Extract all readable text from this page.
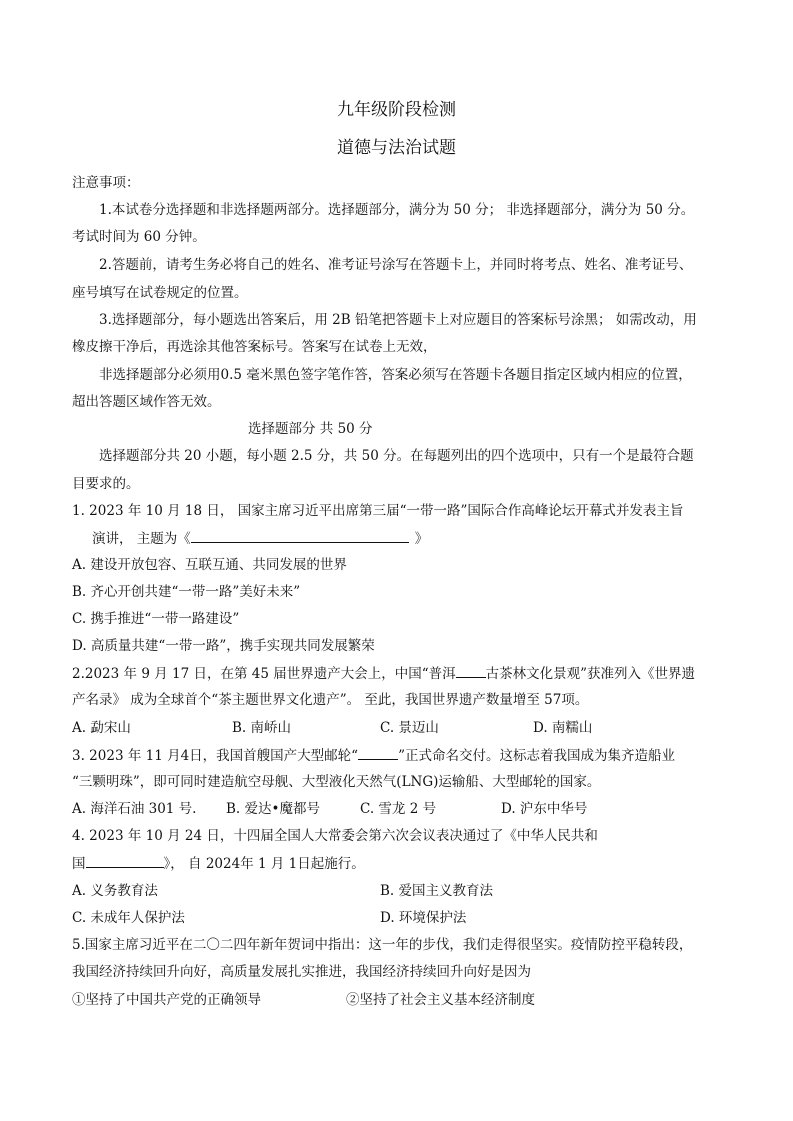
九年级阶段检测
道德与法治试题
注意事项：
1.本试卷分选择题和非选择题两部分。选择题部分，满分为 50 分； 非选择题部分，满分为 50 分。
考试时间为 60 分钟。
2.答题前，请考生务必将自己的姓名、准考证号涂写在答题卡上，并同时将考点、姓名、准考证号、
座号填写在试卷规定的位置。
3.选择题部分，每小题选出答案后，用 2B 铅笔把答题卡上对应题目的答案标号涂黑； 如需改动，用
橡皮擦干净后，再选涂其他答案标号。答案写在试卷上无效，
非选择题部分必须用0.5 毫米黑色签字笔作答，答案必须写在答题卡各题目指定区域内相应的位置，
超出答题区域作答无效。
选择题部分 共 50 分
选择题部分共 20 小题，每小题 2.5 分，共 50 分。在每题列出的四个选项中，只有一个是最符合题
目要求的。
1. 2023 年 10 月 18 日， 国家主席习近平出席第三届“一带一路”国际合作高峰论坛开幕式并发表主旨
演讲， 主题为《	》
A. 建设开放包容、互联互通、共同发展的世界
B. 齐心开创共建“一带一路”美好未来”
C. 携手推进“一带一路建设”
D. 高质量共建“一带一路”，携手实现共同发展繁荣
2.2023 年 9 月 17 日，在第 45 届世界遗产大会上，中国“普洱 古茶林文化景观”获准列入《世界遗
产名录》 成为全球首个“茶主题世界文化遗产”。 至此，我国世界遗产数量增至 57项。
A. 勐宋山	B. 南峤山	C. 景迈山	D. 南糯山
3. 2023 年 11 月4日，我国首艘国产大型邮轮“	”正式命名交付。这标志着我国成为集齐造船业
“三颗明珠”，即可同时建造航空母舰、大型液化天然气(LNG)运输船、大型邮轮的国家。
A. 海洋石油 301 号. B. 爱达•魔都号	C. 雪龙 2 号	D. 沪东中华号
4. 2023 年 10 月 24 日，十四届全国人大常委会第六次会议表决通过了《中华人民共和
国	》， 自 2024年 1 月 1日起施行。
A. 义务教育法	B. 爱国主义教育法
C. 未成年人保护法	D. 环境保护法
5.国家主席习近平在二〇二四年新年贺词中指出：这一年的步伐，我们走得很坚实。疫情防控平稳转段，
我国经济持续回升向好，高质量发展扎实推进，我国经济持续回升向好是因为
①坚持了中国共产党的正确领导	②坚持了社会主义基本经济制度
